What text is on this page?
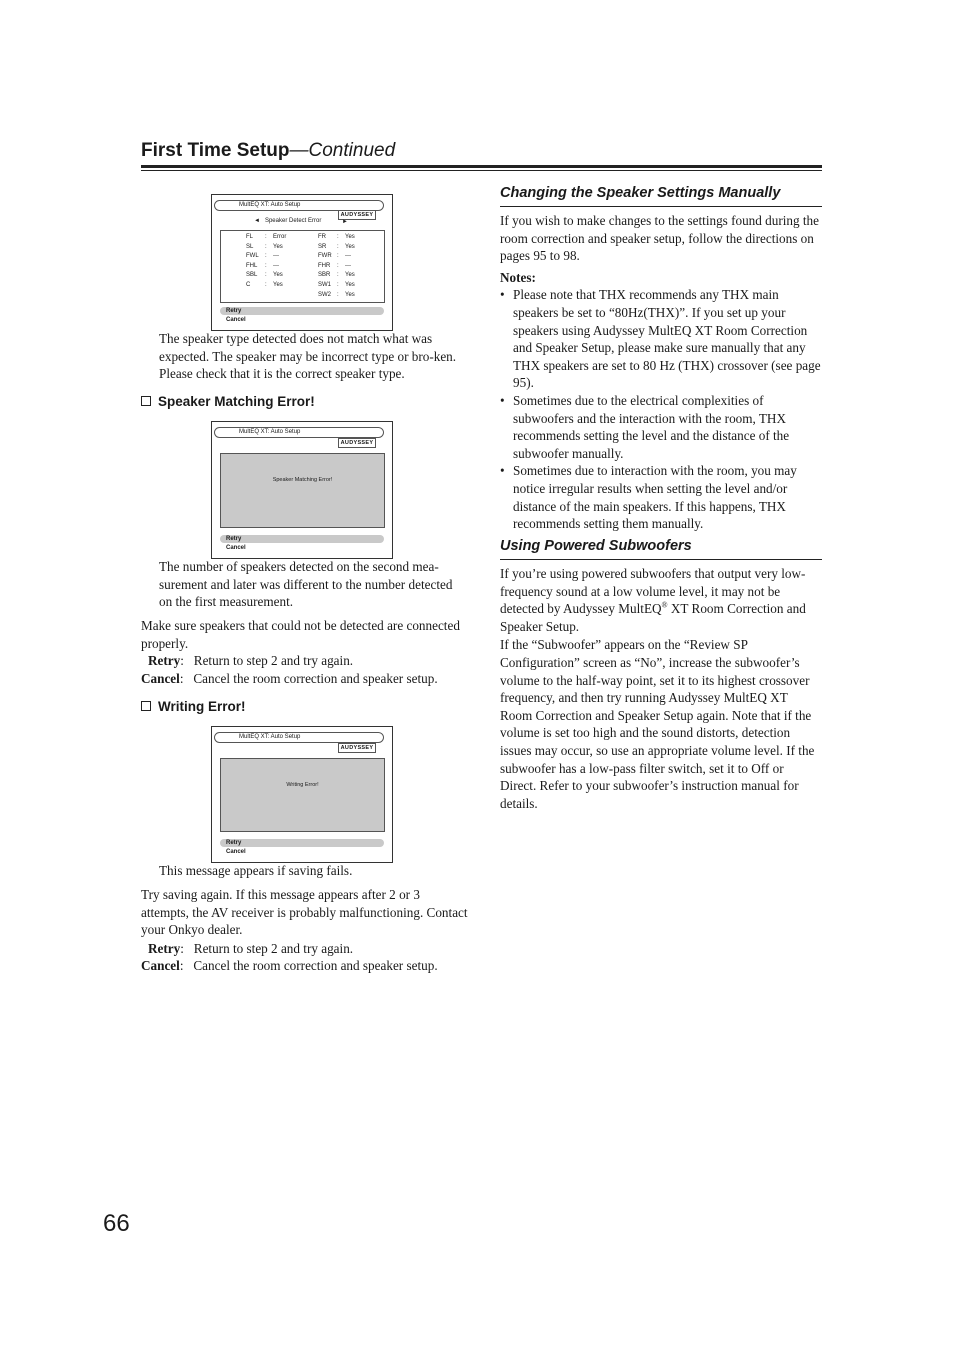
First Time Setup—Continued
MultEQ XT: Auto Setup
AUDYSSEY
◄ Speaker Detect Error	►
FL : Error
SL : Yes
FWL : ---
FHL : ---
SBL : Yes
C : Yes
FR : Yes
SR : Yes
FWR : ---
FHR : ---
SBR : Yes
SW1 : Yes
SW2 : Yes
Retry
Cancel

The speaker type detected does not match what was expected. The speaker may be incorrect type or bro-ken. Please check that it is the correct speaker type.

Speaker Matching Error!
MultEQ XT: Auto Setup
AUDYSSEY
Speaker Matching Error!
Retry
Cancel

The number of speakers detected on the second mea-surement and later was different to the number detected on the first measurement.

Make sure speakers that could not be detected are connected properly.

Retry :   Return to step 2 and try again.
Cancel :   Cancel the room correction and speaker setup.
Writing Error!
MultEQ XT: Auto Setup
AUDYSSEY
Writing Error!
Retry
Cancel

This message appears if saving fails.

Try saving again. If this message appears after 2 or 3 attempts, the AV receiver is probably malfunctioning. Contact your Onkyo dealer.

Retry :   Return to step 2 and try again.
Cancel :   Cancel the room correction and speaker setup.
Changing the Speaker Settings Manually

If you wish to make changes to the settings found during the room correction and speaker setup, follow the directions on pages 95 to 98.

Notes:

• Please note that THX recommends any THX main speakers be set to “80Hz(THX)”. If you set up your speakers using Audyssey MultEQ XT Room Correction and Speaker Setup, please make sure manually that any THX speakers are set to 80 Hz (THX) crossover (see page 95).
• Sometimes due to the electrical complexities of subwoofers and the interaction with the room, THX recommends setting the level and the distance of the subwoofer manually.
• Sometimes due to interaction with the room, you may notice irregular results when setting the level and/or distance of the main speakers. If this happens, THX recommends setting them manually.
Using Powered Subwoofers

If you’re using powered subwoofers that output very low-frequency sound at a low volume level, it may not be detected by Audyssey MultEQ® XT Room Correction and Speaker Setup.

If the “Subwoofer” appears on the “Review SP Configuration” screen as “No”, increase the subwoofer’s volume to the half-way point, set it to its highest crossover frequency, and then try running Audyssey MultEQ XT Room Correction and Speaker Setup again. Note that if the volume is set too high and the sound distorts, detection issues may occur, so use an appropriate volume level. If the subwoofer has a low-pass filter switch, set it to Off or Direct. Refer to your subwoofer’s instruction manual for details.

66
